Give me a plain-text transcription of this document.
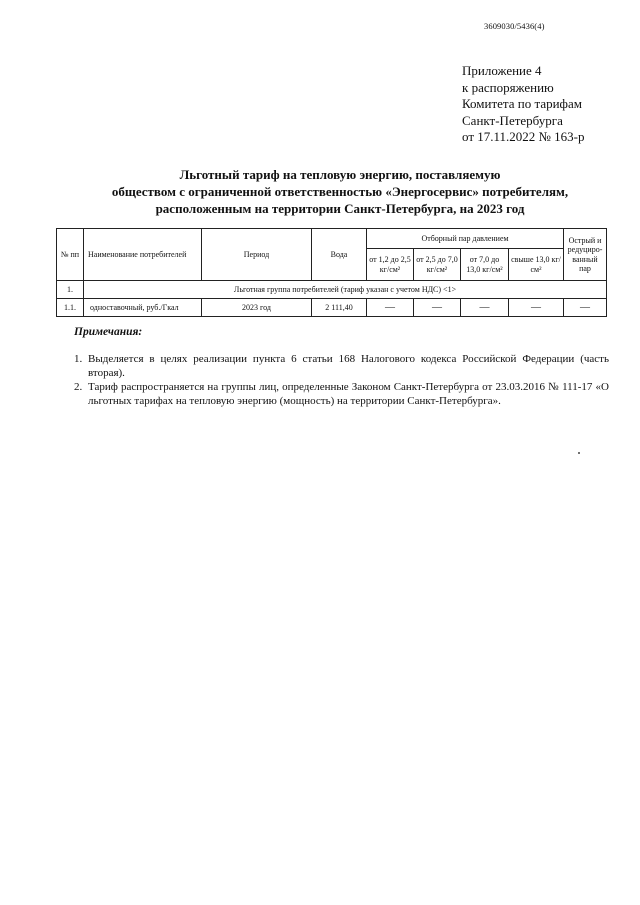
3609030/5436(4)
Приложение 4
к распоряжению
Комитета по тарифам
Санкт-Петербурга
от 17.11.2022 № 163-р
Льготный тариф на тепловую энергию, поставляемую
обществом с ограниченной ответственностью «Энергосервис» потребителям,
расположенным на территории Санкт-Петербурга, на 2023 год
№ пп	Наименование потребителей	Период	Вода	Отборный пар давлением				Острый и редуциро-ванный пар
				от 1,2 до 2,5 кг/см²	от 2,5 до 7,0 кг/см²	от 7,0 до 13,0 кг/см²	свыше 13,0 кг/см²	
1.	Льготная группа потребителей (тариф указан с учетом НДС) <1>							
1.1.	одноставочный, руб./Гкал	2023 год	2 111,40	—	—	—	—	—
Примечания:
1. Выделяется в целях реализации пункта 6 статьи 168 Налогового кодекса Российской Федерации (часть вторая).
2. Тариф распространяется на группы лиц, определенные Законом Санкт-Петербурга от 23.03.2016 № 111-17 «О льготных тарифах на тепловую энергию (мощность) на территории Санкт-Петербурга».
